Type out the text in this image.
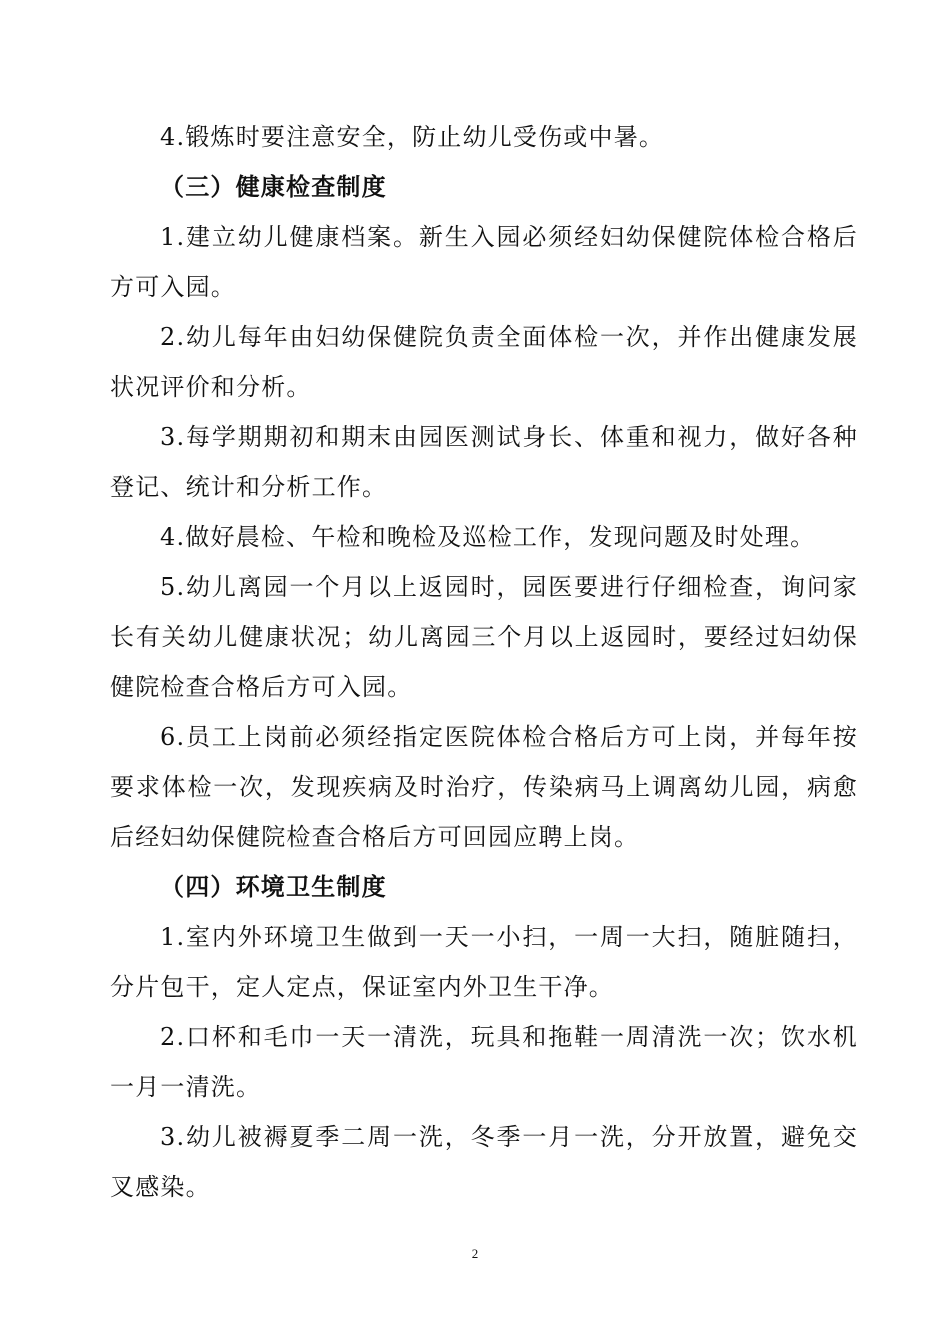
4.锻炼时要注意安全，防止幼儿受伤或中暑。

（三）健康检查制度

1.建立幼儿健康档案。新生入园必须经妇幼保健院体检合格后方可入园。

2.幼儿每年由妇幼保健院负责全面体检一次，并作出健康发展状况评价和分析。

3.每学期期初和期末由园医测试身长、体重和视力，做好各种登记、统计和分析工作。

4.做好晨检、午检和晚检及巡检工作，发现问题及时处理。

5.幼儿离园一个月以上返园时，园医要进行仔细检查，询问家长有关幼儿健康状况；幼儿离园三个月以上返园时，要经过妇幼保健院检查合格后方可入园。

6.员工上岗前必须经指定医院体检合格后方可上岗，并每年按要求体检一次，发现疾病及时治疗，传染病马上调离幼儿园，病愈后经妇幼保健院检查合格后方可回园应聘上岗。

（四）环境卫生制度

1.室内外环境卫生做到一天一小扫，一周一大扫，随脏随扫，分片包干，定人定点，保证室内外卫生干净。

2.口杯和毛巾一天一清洗，玩具和拖鞋一周清洗一次；饮水机一月一清洗。

3.幼儿被褥夏季二周一洗，冬季一月一洗，分开放置，避免交叉感染。

2
